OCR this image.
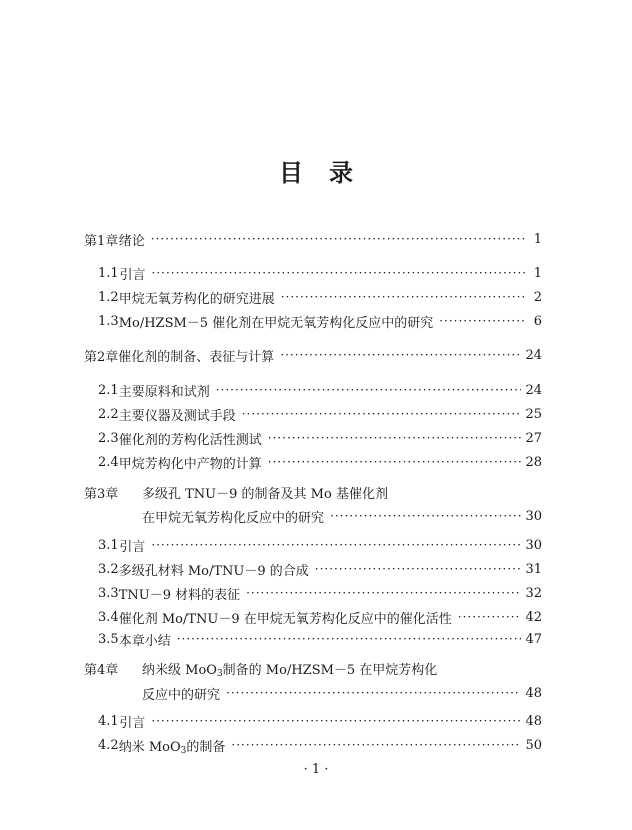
目 录
第1章 绪论 ·····	1
1.1 引言 ·····	1
1.2 甲烷无氧芳构化的研究进展 ·····	2
1.3 Mo/HZSM－5 催化剂在甲烷无氧芳构化反应中的研究 ·····	6
第2章 催化剂的制备、表征与计算 ·····	24
2.1 主要原料和试剂 ·····	24
2.2 主要仪器及测试手段 ·····	25
2.3 催化剂的芳构化活性测试 ·····	27
2.4 甲烷芳构化中产物的计算 ·····	28
第3章	多级孔 TNU－9 的制备及其 Mo 基催化剂
在甲烷无氧芳构化反应中的研究 ·····	30
3.1 引言 ·····	30
3.2 多级孔材料 Mo/TNU－9 的合成 ·····	31
3.3 TNU－9 材料的表征 ·····	32
3.4 催化剂 Mo/TNU－9 在甲烷无氧芳构化反应中的催化活性 ·····	42
3.5 本章小结 ·····	47
第4章	纳米级 MoO$_3$制备的 Mo/HZSM－5 在甲烷芳构化
反应中的研究 ·····	48
4.1 引言 ·····	48
4.2 纳米 MoO$_3$的制备 ·····	50
· 1 ·
